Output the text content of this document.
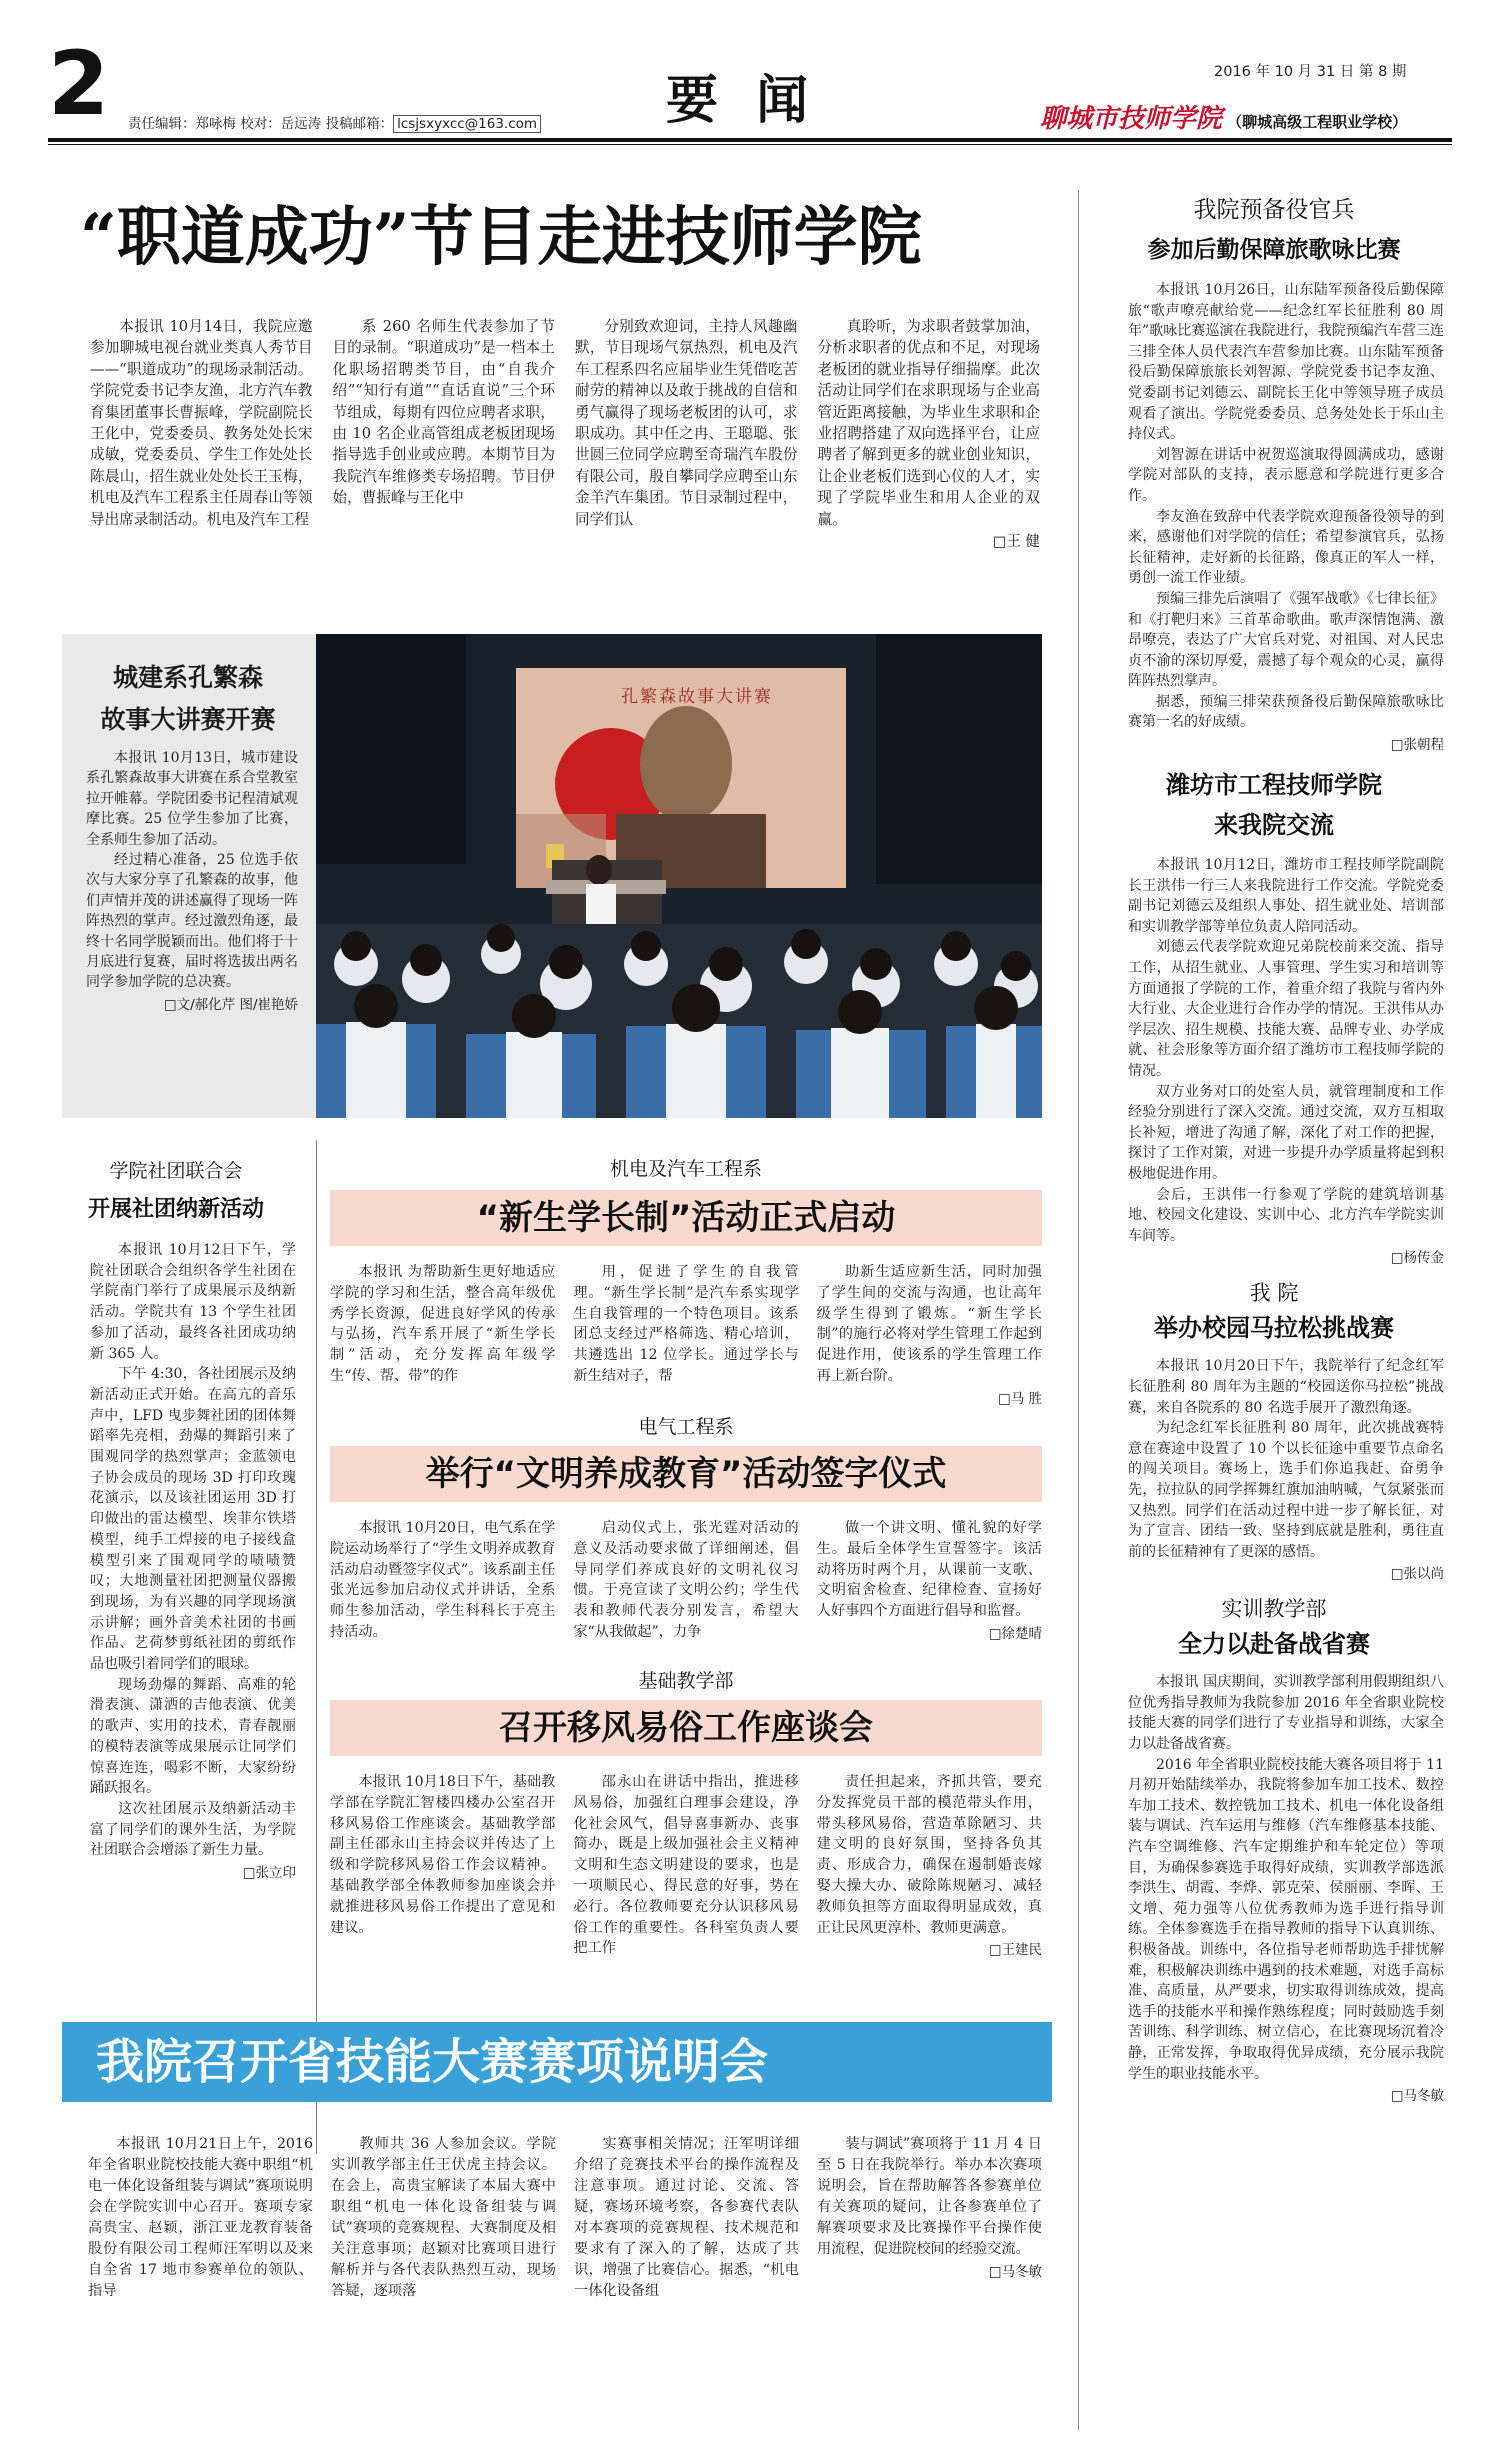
2 责任编辑：郑咏梅 校对：岳远涛 投稿邮箱： lcsjsxyxcc@163.com 要 闻	2016 年 10 月 31 日 第 8 期
聊城市技师学院 （聊城高级工程职业学校）
“职道成功”节目走进技师学院

本报讯 10月14日，我院应邀参加聊城电视台就业类真人秀节目——“职道成功”的现场录制活动。学院党委书记李友渔，北方汽车教育集团董事长曹振峰，学院副院长王化中，党委委员、教务处处长宋成敏，党委委员、学生工作处处长陈晨山，招生就业处处长王玉梅，机电及汽车工程系主任周春山等领导出席录制活动。机电及汽车工程

系 260 名师生代表参加了节目的录制。“职道成功”是一档本土化职场招聘类节目，由“自我介绍”“知行有道”“直话直说”三个环节组成，每期有四位应聘者求职，由 10 名企业高管组成老板团现场指导选手创业或应聘。本期节目为我院汽车维修类专场招聘。节目伊始，曹振峰与王化中

分别致欢迎词，主持人风趣幽默，节目现场气氛热烈，机电及汽车工程系四名应届毕业生凭借吃苦耐劳的精神以及敢于挑战的自信和勇气赢得了现场老板团的认可，求职成功。其中任之冉、王聪聪、张世圆三位同学应聘至奇瑞汽车股份有限公司，殷自攀同学应聘至山东金羊汽车集团。节目录制过程中，同学们认

真聆听，为求职者鼓掌加油，分析求职者的优点和不足，对现场老板团的就业指导仔细揣摩。此次活动让同学们在求职现场与企业高管近距离接触，为毕业生求职和企业招聘搭建了双向选择平台，让应聘者了解到更多的就业创业知识，让企业老板们选到心仪的人才，实现了学院毕业生和用人企业的双赢。

□王 健

城建系孔繁森
故事大讲赛开赛

本报讯 10月13日，城市建设系孔繁森故事大讲赛在系合堂教室拉开帷幕。学院团委书记程清斌观摩比赛。25 位学生参加了比赛，全系师生参加了活动。

经过精心准备，25 位选手依次与大家分享了孔繁森的故事，他们声情并茂的讲述赢得了现场一阵阵热烈的掌声。经过激烈角逐，最终十名同学脱颖而出。他们将于十月底进行复赛，届时将选拔出两名同学参加学院的总决赛。

□文/郝化芹 图/崔艳娇

孔繁森故事大讲赛
学院社团联合会
开展社团纳新活动

本报讯 10月12日下午，学院社团联合会组织各学生社团在学院南门举行了成果展示及纳新活动。学院共有 13 个学生社团参加了活动，最终各社团成功纳新 365 人。

下午 4:30，各社团展示及纳新活动正式开始。在高亢的音乐声中，LFD 曳步舞社团的团体舞蹈率先亮相，劲爆的舞蹈引来了围观同学的热烈掌声；金蓝领电子协会成员的现场 3D 打印玫瑰花演示，以及该社团运用 3D 打印做出的雷达模型、埃菲尔铁塔模型，纯手工焊接的电子接线盒模型引来了围观同学的啧啧赞叹；大地测量社团把测量仪器搬到现场，为有兴趣的同学现场演示讲解；画外音美术社团的书画作品、艺荷梦剪纸社团的剪纸作品也吸引着同学们的眼球。

现场劲爆的舞蹈、高难的轮滑表演、潇洒的吉他表演、优美的歌声、实用的技术，青春靓丽的模特表演等成果展示让同学们惊喜连连，喝彩不断，大家纷纷踊跃报名。

这次社团展示及纳新活动丰富了同学们的课外生活，为学院社团联合会增添了新生力量。

□张立印

机电及汽车工程系
“新生学长制”活动正式启动

本报讯 为帮助新生更好地适应学院的学习和生活，整合高年级优秀学长资源，促进良好学风的传承与弘扬，汽车系开展了“新生学长制”活动，充分发挥高年级学生“传、帮、带”的作

用，促进了学生的自我管理。“新生学长制”是汽车系实现学生自我管理的一个特色项目。该系团总支经过严格筛选、精心培训，共遴选出 12 位学长。通过学长与新生结对子，帮

助新生适应新生活，同时加强了学生间的交流与沟通，也让高年级学生得到了锻炼。“新生学长制”的施行必将对学生管理工作起到促进作用，使该系的学生管理工作再上新台阶。

□马 胜

电气工程系
举行“文明养成教育”活动签字仪式

本报讯 10月20日，电气系在学院运动场举行了“学生文明养成教育活动启动暨签字仪式”。该系副主任张光远参加启动仪式并讲话，全系师生参加活动，学生科科长于亮主持活动。

启动仪式上，张光霆对活动的意义及活动要求做了详细阐述，倡导同学们养成良好的文明礼仪习惯。于亮宣读了文明公约；学生代表和教师代表分别发言，希望大家“从我做起”，力争

做一个讲文明、懂礼貌的好学生。最后全体学生宣誓签字。该活动将历时两个月，从课前一支歌、文明宿舍检查、纪律检查、宣扬好人好事四个方面进行倡导和监督。

□徐楚晴

基础教学部
召开移风易俗工作座谈会

本报讯 10月18日下午，基础教学部在学院汇智楼四楼办公室召开移风易俗工作座谈会。基础教学部副主任邵永山主持会议并传达了上级和学院移风易俗工作会议精神。基础教学部全体教师参加座谈会并就推进移风易俗工作提出了意见和建议。

邵永山在讲话中指出，推进移风易俗，加强红白理事会建设，净化社会风气，倡导喜事新办、丧事简办，既是上级加强社会主义精神文明和生态文明建设的要求，也是一项顺民心、得民意的好事，势在必行。各位教师要充分认识移风易俗工作的重要性。各科室负责人要把工作

责任担起来，齐抓共管，要充分发挥党员干部的模范带头作用，带头移风易俗，营造革除陋习、共建文明的良好氛围，坚持各负其责、形成合力，确保在遏制婚丧嫁娶大操大办、破除陈规陋习、减轻教师负担等方面取得明显成效，真正让民风更淳朴、教师更满意。

□王建民

我院召开省技能大赛赛项说明会

本报讯 10月21日上午，2016 年全省职业院校技能大赛中职组“机电一体化设备组装与调试”赛项说明会在学院实训中心召开。赛项专家高贵宝、赵颖，浙江亚龙教育装备股份有限公司工程师汪军明以及来自全省 17 地市参赛单位的领队、指导

教师共 36 人参加会议。学院实训教学部主任王伏虎主持会议。在会上，高贵宝解读了本届大赛中职组“机电一体化设备组装与调试”赛项的竞赛规程、大赛制度及相关注意事项；赵颖对比赛项目进行解析并与各代表队热烈互动，现场答疑，逐项落

实赛事相关情况；汪军明详细介绍了竞赛技术平台的操作流程及注意事项。通过讨论、交流、答疑，赛场环境考察，各参赛代表队对本赛项的竞赛规程、技术规范和要求有了深入的了解，达成了共识，增强了比赛信心。据悉，“机电一体化设备组

装与调试”赛项将于 11 月 4 日至 5 日在我院举行。举办本次赛项说明会，旨在帮助解答各参赛单位有关赛项的疑问，让各参赛单位了解赛项要求及比赛操作平台操作使用流程，促进院校间的经验交流。

□马冬敏

我院预备役官兵
参加后勤保障旅歌咏比赛

本报讯 10月26日，山东陆军预备役后勤保障旅“歌声嘹亮献给党——纪念红军长征胜利 80 周年”歌咏比赛巡演在我院进行，我院预编汽车营三连三排全体人员代表汽车营参加比赛。山东陆军预备役后勤保障旅旅长刘智源、学院党委书记李友渔、党委副书记刘德云、副院长王化中等领导班子成员观看了演出。学院党委委员、总务处处长于乐山主持仪式。

刘智源在讲话中祝贺巡演取得圆满成功，感谢学院对部队的支持，表示愿意和学院进行更多合作。

李友渔在致辞中代表学院欢迎预备役领导的到来，感谢他们对学院的信任；希望参演官兵，弘扬长征精神，走好新的长征路，像真正的军人一样，勇创一流工作业绩。

预编三排先后演唱了《强军战歌》《七律长征》和《打靶归来》三首革命歌曲。歌声深情饱满、激昂嘹亮，表达了广大官兵对党、对祖国、对人民忠贞不渝的深切厚爱，震撼了每个观众的心灵，赢得阵阵热烈掌声。

据悉，预编三排荣获预备役后勤保障旅歌咏比赛第一名的好成绩。

□张朝程

潍坊市工程技师学院
来我院交流

本报讯 10月12日，潍坊市工程技师学院副院长王洪伟一行三人来我院进行工作交流。学院党委副书记刘德云及组织人事处、招生就业处、培训部和实训教学部等单位负责人陪同活动。

刘德云代表学院欢迎兄弟院校前来交流、指导工作，从招生就业、人事管理、学生实习和培训等方面通报了学院的工作，着重介绍了我院与省内外大行业、大企业进行合作办学的情况。王洪伟从办学层次、招生规模、技能大赛、品牌专业、办学成就、社会形象等方面介绍了潍坊市工程技师学院的情况。

双方业务对口的处室人员，就管理制度和工作经验分别进行了深入交流。通过交流，双方互相取长补短，增进了沟通了解，深化了对工作的把握，探讨了工作对策，对进一步提升办学质量将起到积极地促进作用。

会后，王洪伟一行参观了学院的建筑培训基地、校园文化建设、实训中心、北方汽车学院实训车间等。

□杨传金

我 院
举办校园马拉松挑战赛

本报讯 10月20日下午，我院举行了纪念红军长征胜利 80 周年为主题的“校园送你马拉松”挑战赛，来自各院系的 80 名选手展开了激烈角逐。

为纪念红军长征胜利 80 周年，此次挑战赛特意在赛途中设置了 10 个以长征途中重要节点命名的闯关项目。赛场上，选手们你追我赶、奋勇争先，拉拉队的同学挥舞红旗加油呐喊，气氛紧张而又热烈。同学们在活动过程中进一步了解长征，对为了宣言、团结一致、坚持到底就是胜利，勇往直前的长征精神有了更深的感悟。

□张以尚

实训教学部
全力以赴备战省赛

本报讯 国庆期间，实训教学部利用假期组织八位优秀指导教师为我院参加 2016 年全省职业院校技能大赛的同学们进行了专业指导和训练，大家全力以赴备战省赛。

2016 年全省职业院校技能大赛各项目将于 11 月初开始陆续举办，我院将参加车加工技术、数控车加工技术、数控铣加工技术、机电一体化设备组装与调试、汽车运用与维修（汽车维修基本技能、汽车空调维修、汽车定期维护和车轮定位）等项目，为确保参赛选手取得好成绩，实训教学部选派李洪生、胡霞、李烨、郭克荣、侯丽丽、李晖、王文增、苑力强等八位优秀教师为选手进行指导训练。全体参赛选手在指导教师的指导下认真训练、积极备战。训练中，各位指导老师帮助选手排忧解难，积极解决训练中遇到的技术难题，对选手高标准、高质量，从严要求，切实取得训练成效，提高选手的技能水平和操作熟练程度；同时鼓励选手刻苦训练、科学训练、树立信心，在比赛现场沉着冷静，正常发挥，争取取得优异成绩，充分展示我院学生的职业技能水平。

□马冬敏
